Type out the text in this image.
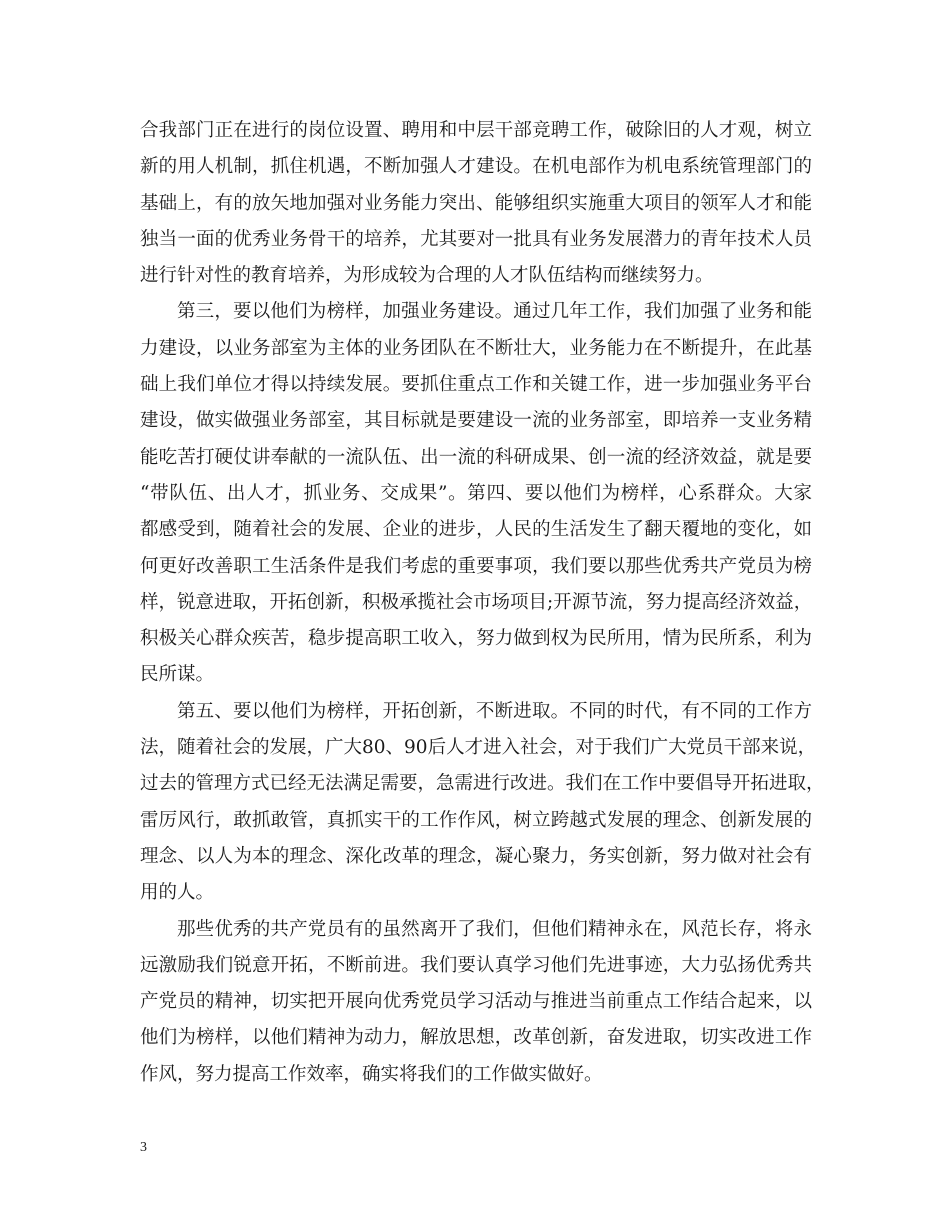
合我部门正在进行的岗位设置、聘用和中层干部竞聘工作，破除旧的人才观，树立
新的用人机制，抓住机遇，不断加强人才建设。在机电部作为机电系统管理部门的
基础上，有的放矢地加强对业务能力突出、能够组织实施重大项目的领军人才和能
独当一面的优秀业务骨干的培养，尤其要对一批具有业务发展潜力的青年技术人员
进行针对性的教育培养，为形成较为合理的人才队伍结构而继续努力。
第三，要以他们为榜样，加强业务建设。通过几年工作，我们加强了业务和能
力建设，以业务部室为主体的业务团队在不断壮大，业务能力在不断提升，在此基
础上我们单位才得以持续发展。要抓住重点工作和关键工作，进一步加强业务平台
建设，做实做强业务部室，其目标就是要建设一流的业务部室，即培养一支业务精
能吃苦打硬仗讲奉献的一流队伍、出一流的科研成果、创一流的经济效益，就是要
“带队伍、出人才，抓业务、交成果”。第四、要以他们为榜样，心系群众。大家
都感受到，随着社会的发展、企业的进步，人民的生活发生了翻天覆地的变化，如
何更好改善职工生活条件是我们考虑的重要事项，我们要以那些优秀共产党员为榜
样，锐意进取，开拓创新，积极承揽社会市场项目;开源节流，努力提高经济效益，
积极关心群众疾苦，稳步提高职工收入，努力做到权为民所用，情为民所系，利为
民所谋。
第五、要以他们为榜样，开拓创新，不断进取。不同的时代，有不同的工作方
法，随着社会的发展，广大80、90后人才进入社会，对于我们广大党员干部来说，
过去的管理方式已经无法满足需要，急需进行改进。我们在工作中要倡导开拓进取，
雷厉风行，敢抓敢管，真抓实干的工作作风，树立跨越式发展的理念、创新发展的
理念、以人为本的理念、深化改革的理念，凝心聚力，务实创新，努力做对社会有
用的人。
那些优秀的共产党员有的虽然离开了我们，但他们精神永在，风范长存，将永
远激励我们锐意开拓，不断前进。我们要认真学习他们先进事迹，大力弘扬优秀共
产党员的精神，切实把开展向优秀党员学习活动与推进当前重点工作结合起来，以
他们为榜样，以他们精神为动力，解放思想，改革创新，奋发进取，切实改进工作
作风，努力提高工作效率，确实将我们的工作做实做好。
3
